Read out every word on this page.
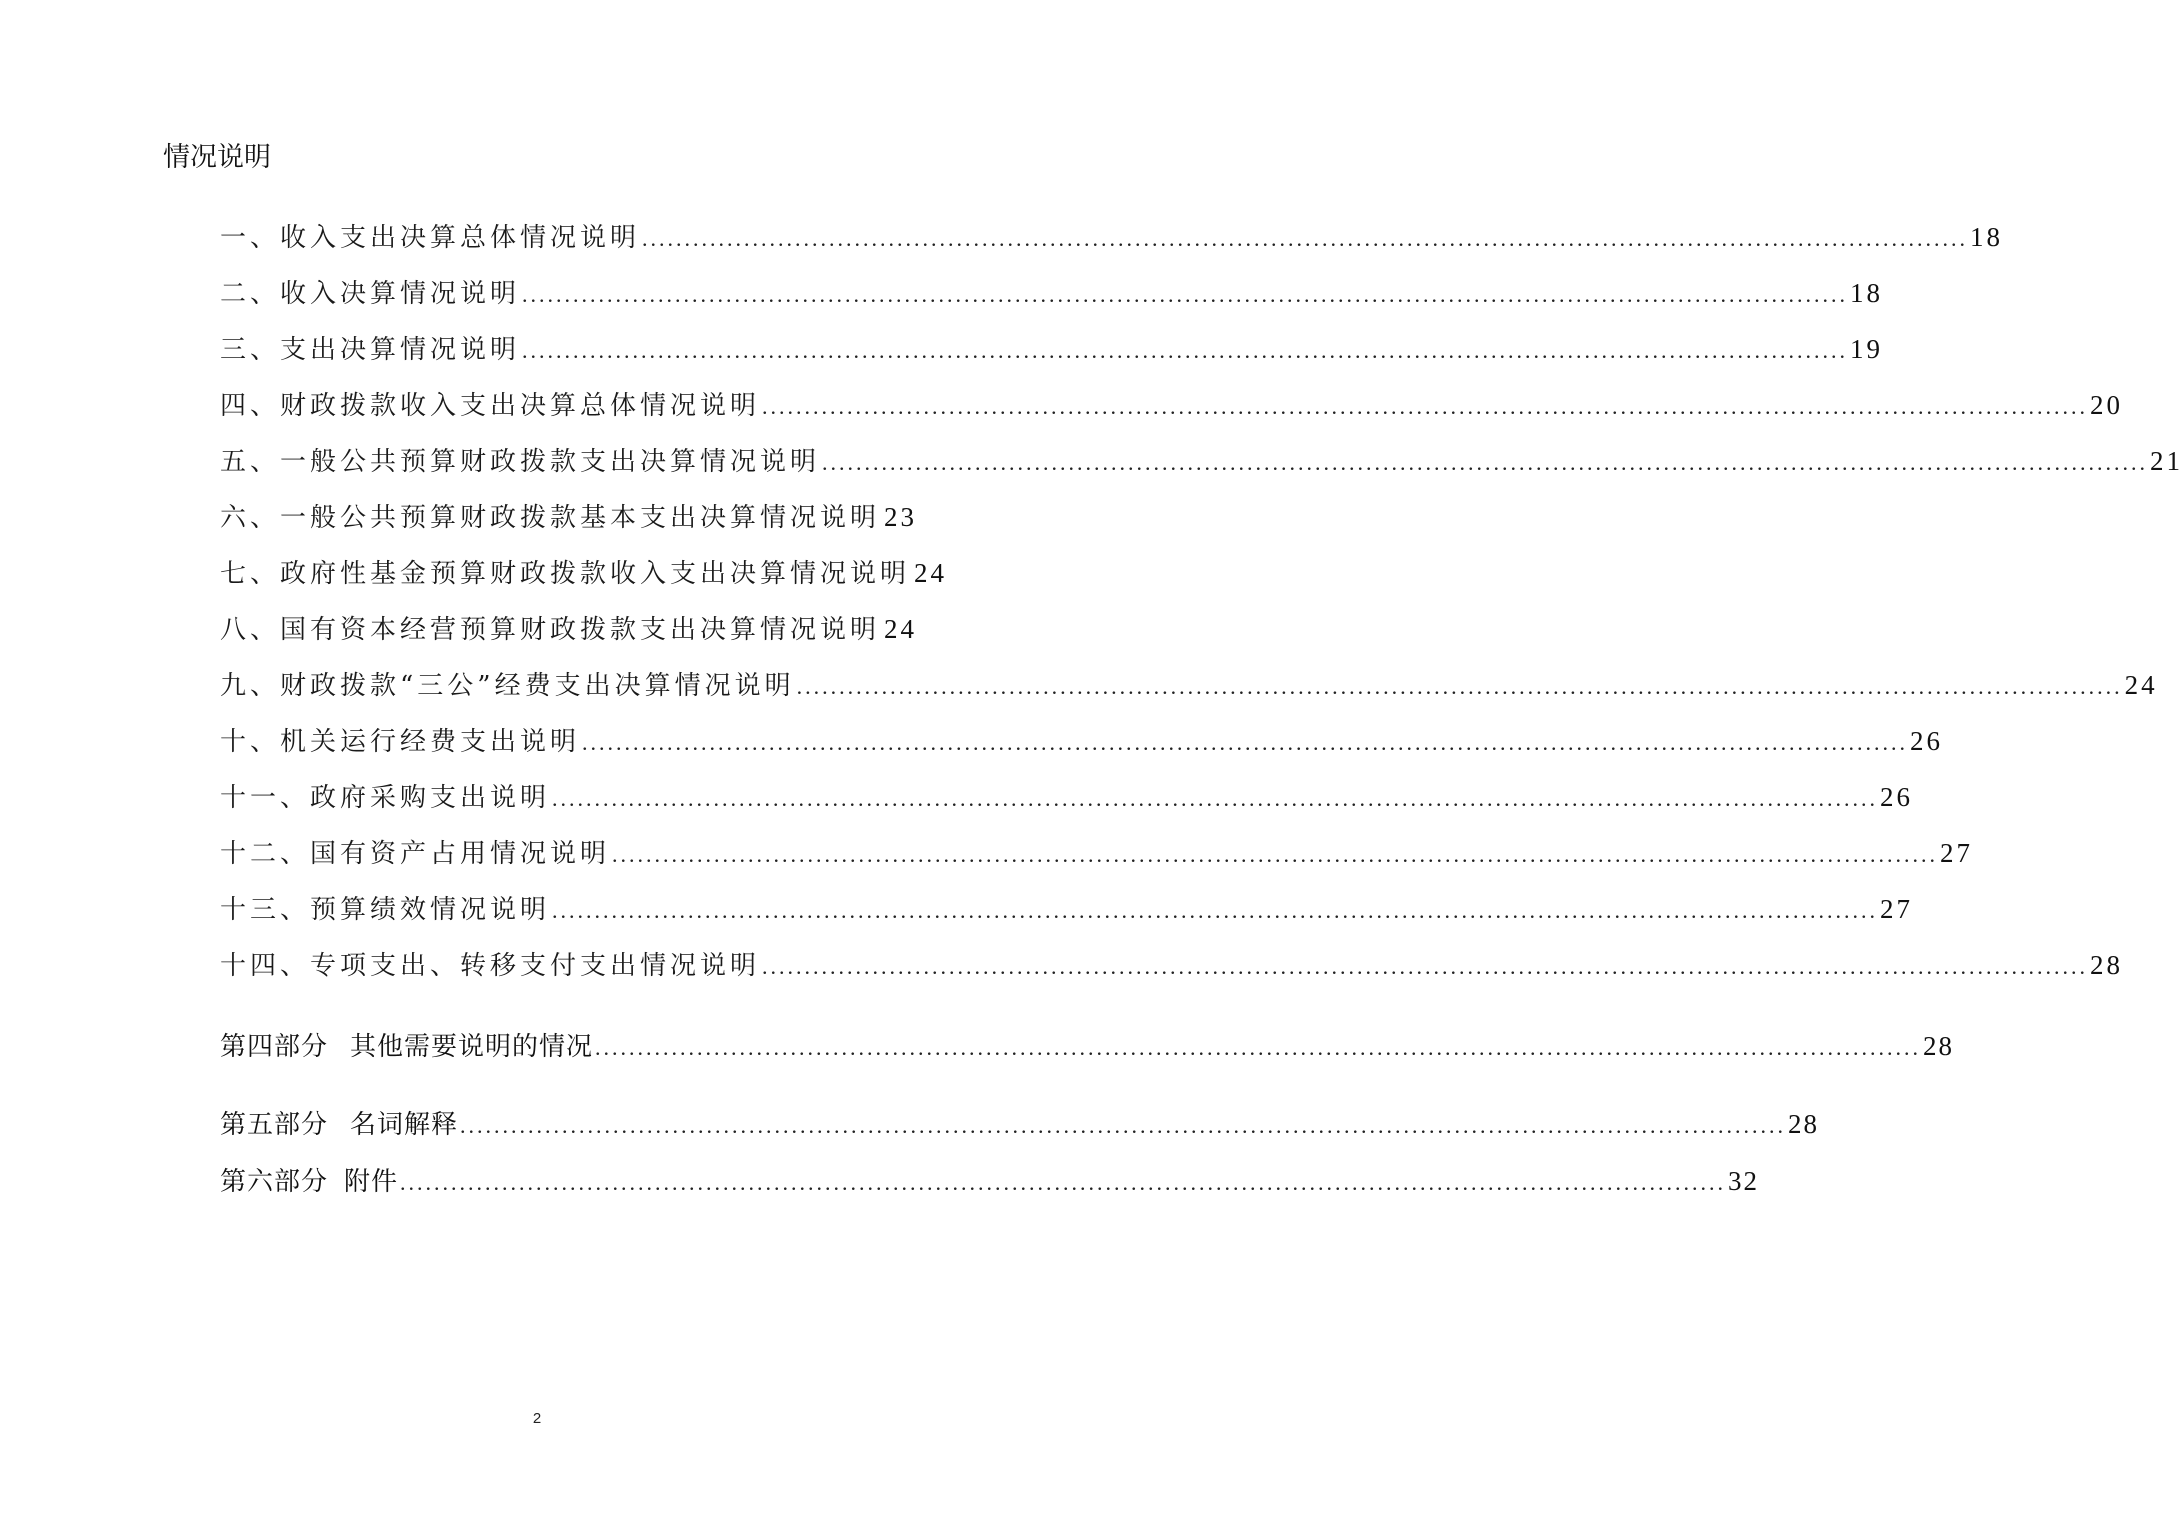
情况说明
一、收入支出决算总体情况说明 .....	18
二、收入决算情况说明 .....	18
三、支出决算情况说明 .....	19
四、财政拨款收入支出决算总体情况说明 .....	20
五、一般公共预算财政拨款支出决算情况说明 .....	21
六、一般公共预算财政拨款基本支出决算情况说明 23
七、政府性基金预算财政拨款收入支出决算情况说明 24
八、国有资本经营预算财政拨款支出决算情况说明 24
九、财政拨款“三公”经费支出决算情况说明 .....	24
十、机关运行经费支出说明 .....	26
十一、政府采购支出说明 .....	26
十二、国有资产占用情况说明 .....	27
十三、预算绩效情况说明 .....	27
十四、专项支出、转移支付支出情况说明 .....	28
第四部分 其他需要说明的情况 .....	28
第五部分 名词解释 .....	28
第六部分 附件 .....	32
2
